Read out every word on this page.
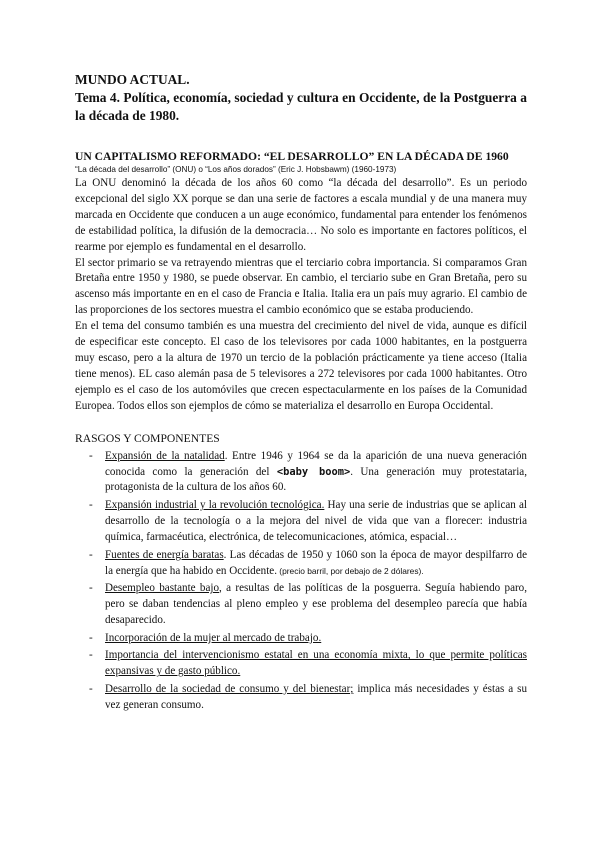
MUNDO ACTUAL.

Tema 4. Política, economía, sociedad y cultura en Occidente, de la Postguerra a la década de 1980.

UN CAPITALISMO REFORMADO: “EL DESARROLLO” EN LA DÉCADA DE 1960

“La década del desarrollo” (ONU) o “Los años dorados” (Eric J. Hobsbawm) (1960-1973)

La ONU denominó la década de los años 60 como “la década del desarrollo”. Es un periodo excepcional del siglo XX porque se dan una serie de factores a escala mundial y de una manera muy marcada en Occidente que conducen a un auge económico, fundamental para entender los fenómenos de estabilidad política, la difusión de la democracia… No solo es importante en factores políticos, el rearme por ejemplo es fundamental en el desarrollo.

El sector primario se va retrayendo mientras que el terciario cobra importancia. Si comparamos Gran Bretaña entre 1950 y 1980, se puede observar. En cambio, el terciario sube en Gran Bretaña, pero su ascenso más importante en en el caso de Francia e Italia. Italia era un país muy agrario. El cambio de las proporciones de los sectores muestra el cambio económico que se estaba produciendo.

En el tema del consumo también es una muestra del crecimiento del nivel de vida, aunque es difícil de especificar este concepto. El caso de los televisores por cada 1000 habitantes, en la postguerra muy escaso, pero a la altura de 1970 un tercio de la población prácticamente ya tiene acceso (Italia tiene menos). EL caso alemán pasa de 5 televisores a 272 televisores por cada 1000 habitantes. Otro ejemplo es el caso de los automóviles que crecen espectacularmente en los países de la Comunidad Europea. Todos ellos son ejemplos de cómo se materializa el desarrollo en Europa Occidental.

RASGOS Y COMPONENTES

- Expansión de la natalidad. Entre 1946 y 1964 se da la aparición de una nueva generación conocida como la generación del <baby boom>. Una generación muy protestataria, protagonista de la cultura de los años 60.
- Expansión industrial y la revolución tecnológica. Hay una serie de industrias que se aplican al desarrollo de la tecnología o a la mejora del nivel de vida que van a florecer: industria química, farmacéutica, electrónica, de telecomunicaciones, atómica, espacial…
- Fuentes de energía baratas. Las décadas de 1950 y 1060 son la época de mayor despilfarro de la energía que ha habido en Occidente. (precio barril, por debajo de 2 dólares).
- Desempleo bastante bajo, a resultas de las políticas de la posguerra. Seguía habiendo paro, pero se daban tendencias al pleno empleo y ese problema del desempleo parecía que había desaparecido.
- Incorporación de la mujer al mercado de trabajo.
- Importancia del intervencionismo estatal en una economía mixta, lo que permite políticas expansivas y de gasto público.
- Desarrollo de la sociedad de consumo y del bienestar; implica más necesidades y éstas a su vez generan consumo.
